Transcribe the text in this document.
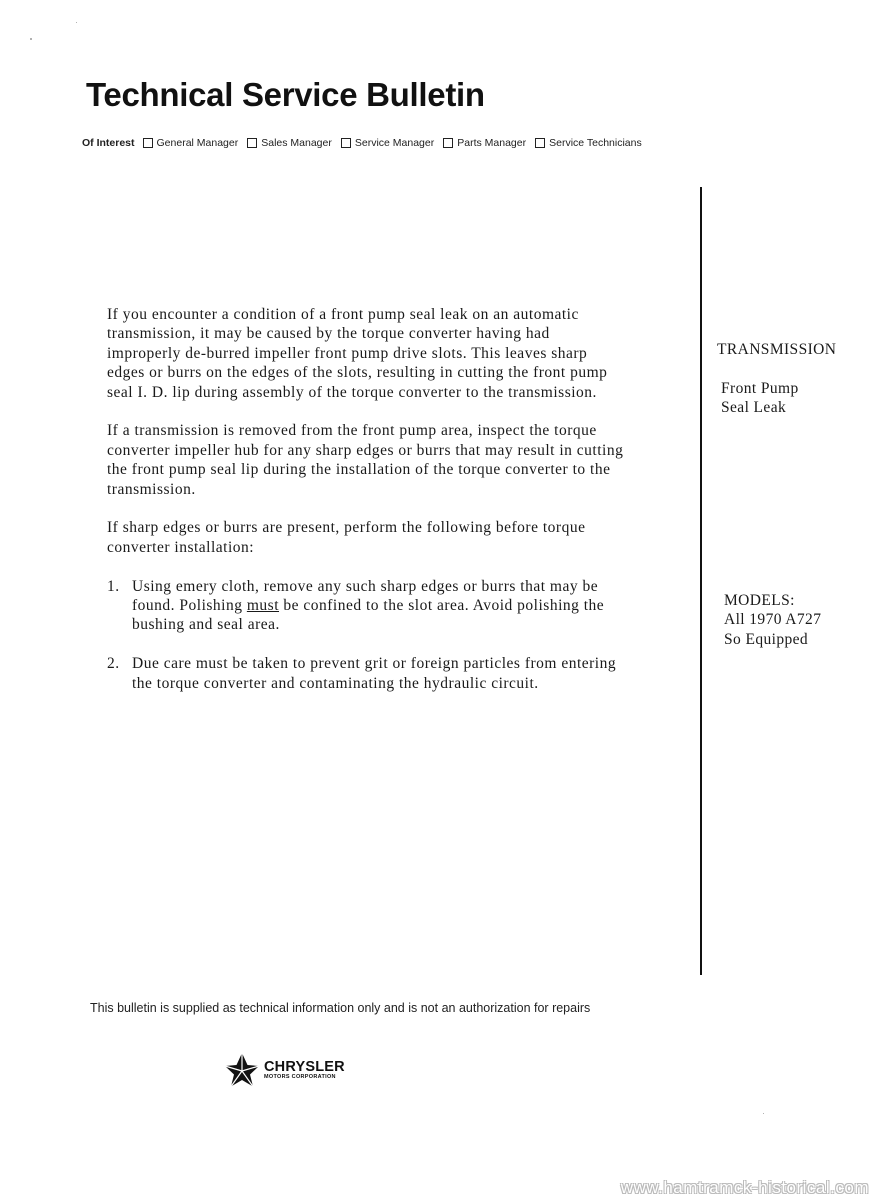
Technical Service Bulletin
Of Interest General Manager Sales Manager Service Manager Parts Manager Service Technicians

If you encounter a condition of a front pump seal leak on an automatic transmission, it may be caused by the torque converter having had improperly de-burred impeller front pump drive slots. This leaves sharp edges or burrs on the edges of the slots, resulting in cutting the front pump seal I. D. lip during assembly of the torque converter to the transmission.

If a transmission is removed from the front pump area, inspect the torque converter impeller hub for any sharp edges or burrs that may result in cutting the front pump seal lip during the installation of the torque converter to the transmission.

If sharp edges or burrs are present, perform the following before torque converter installation:

1. Using emery cloth, remove any such sharp edges or burrs that may be found. Polishing must be confined to the slot area. Avoid polishing the bushing and seal area.
2. Due care must be taken to prevent grit or foreign particles from entering the torque converter and contaminating the hydraulic circuit.
TRANSMISSION
Front Pump
Seal Leak
MODELS:
All 1970 A727
So Equipped
This bulletin is supplied as technical information only and is not an authorization for repairs
CHRYSLER
MOTORS CORPORATION
www.hamtramck-historical.com
